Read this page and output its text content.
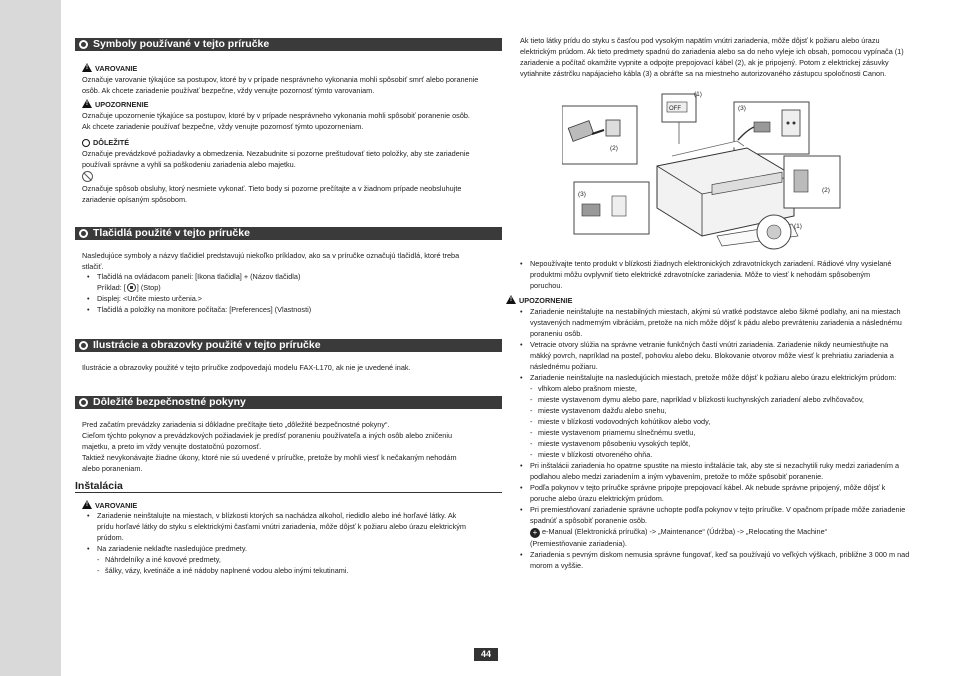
Symboly používané v tejto príručke
!VAROVANIE
Označuje varovanie týkajúce sa postupov, ktoré by v prípade nesprávneho vykonania mohli spôsobiť smrť alebo poranenie osôb. Ak chcete zariadenie používať bezpečne, vždy venujte pozornosť týmto varovaniam.
!UPOZORNENIE
Označuje upozornenie týkajúce sa postupov, ktoré by v prípade nesprávneho vykonania mohli spôsobiť poranenie osôb. Ak chcete zariadenie používať bezpečne, vždy venujte pozornosť týmto upozorneniam.
DÔLEŽITÉ
Označuje prevádzkové požiadavky a obmedzenia. Nezabudnite si pozorne preštudovať tieto položky, aby ste zariadenie používali správne a vyhli sa poškodeniu zariadenia alebo majetku.
Označuje spôsob obsluhy, ktorý nesmiete vykonať. Tieto body si pozorne prečítajte a v žiadnom prípade neobsluhujte zariadenie opísaným spôsobom.
Tlačidlá použité v tejto príručke
Nasledujúce symboly a názvy tlačidiel predstavujú niekoľko príkladov, ako sa v príručke označujú tlačidlá, ktoré treba stlačiť.
• Tlačidlá na ovládacom paneli: [Ikona tlačidla] + (Názov tlačidla)
Príklad: [ ] (Stop)
• Displej: <Určite miesto určenia.>
• Tlačidlá a položky na monitore počítača: [Preferences] (Vlastnosti)
Ilustrácie a obrazovky použité v tejto príručke
Ilustrácie a obrazovky použité v tejto príručke zodpovedajú modelu FAX-L170, ak nie je uvedené inak.
Dôležité bezpečnostné pokyny
Pred začatím prevádzky zariadenia si dôkladne prečítajte tieto „dôležité bezpečnostné pokyny“.
Cieľom týchto pokynov a prevádzkových požiadaviek je predísť poraneniu používateľa a iných osôb alebo zničeniu majetku, a preto im vždy venujte dostatočnú pozornosť.
Taktiež nevykonávajte žiadne úkony, ktoré nie sú uvedené v príručke, pretože by mohli viesť k nečakaným nehodám alebo poraneniam.
Inštalácia
!VAROVANIE
• Zariadenie neinštalujte na miestach, v blízkosti ktorých sa nachádza alkohol, riedidlo alebo iné horľavé látky. Ak prídu horľavé látky do styku s elektrickými časťami vnútri zariadenia, môže dôjsť k požiaru alebo úrazu elektrickým prúdom.
• Na zariadenie neklaďte nasledujúce predmety.
- Náhrdelníky a iné kovové predmety,
- šálky, vázy, kvetináče a iné nádoby naplnené vodou alebo inými tekutinami.
Ak tieto látky prídu do styku s časťou pod vysokým napätím vnútri zariadenia, môže dôjsť k požiaru alebo úrazu elektrickým prúdom. Ak tieto predmety spadnú do zariadenia alebo sa do neho vyleje ich obsah, pomocou vypínača (1) zariadenie a počítač okamžite vypnite a odpojte prepojovací kábel (2), ak je pripojený. Potom z elektrickej zásuvky vytiahnite zástrčku napájacieho kábla (3) a obráťte sa na miestneho autorizovaného zástupcu spoločnosti Canon.
(2)
(1)
OFF	(3)
(3)
(2)
(1)
• Nepoužívajte tento produkt v blízkosti žiadnych elektronických zdravotníckych zariadení. Rádiové vlny vysielané produktmi môžu ovplyvniť tieto elektrické zdravotnícke zariadenia. Môže to viesť k nehodám spôsobeným poruchou.
!UPOZORNENIE
• Zariadenie neinštalujte na nestabilných miestach, akými sú vratké podstavce alebo šikmé podlahy, ani na miestach vystavených nadmerným vibráciám, pretože na nich môže dôjsť k pádu alebo prevráteniu zariadenia a následnému poraneniu osôb.
• Vetracie otvory slúžia na správne vetranie funkčných častí vnútri zariadenia. Zariadenie nikdy neumiestňujte na mäkký povrch, napríklad na posteľ, pohovku alebo deku. Blokovanie otvorov môže viesť k prehriatiu zariadenia a následnému požiaru.
• Zariadenie neinštalujte na nasledujúcich miestach, pretože môže dôjsť k požiaru alebo úrazu elektrickým prúdom:
- vlhkom alebo prašnom mieste,
- mieste vystavenom dymu alebo pare, napríklad v blízkosti kuchynských zariadení alebo zvlhčovačov,
- mieste vystavenom dažďu alebo snehu,
- mieste v blízkosti vodovodných kohútikov alebo vody,
- mieste vystavenom priamemu slnečnému svetlu,
- mieste vystavenom pôsobeniu vysokých teplôt,
- mieste v blízkosti otvoreného ohňa.
• Pri inštalácii zariadenia ho opatrne spustite na miesto inštalácie tak, aby ste si nezachytili ruky medzi zariadením a podlahou alebo medzi zariadením a iným vybavením, pretože to môže spôsobiť poranenie.
• Podľa pokynov v tejto príručke správne pripojte prepojovací kábel. Ak nebude správne pripojený, môže dôjsť k poruche alebo úrazu elektrickým prúdom.
• Pri premiestňovaní zariadenie správne uchopte podľa pokynov v tejto príručke. V opačnom prípade môže zariadenie spadnúť a spôsobiť poranenie osôb.
+ e-Manual (Elektronická príručka) -> „Maintenance“ (Údržba) -> „Relocating the Machine“
(Premiestňovanie zariadenia).
• Zariadenia s pevným diskom nemusia správne fungovať, keď sa používajú vo veľkých výškach, približne 3 000 m nad morom a vyššie.
44
